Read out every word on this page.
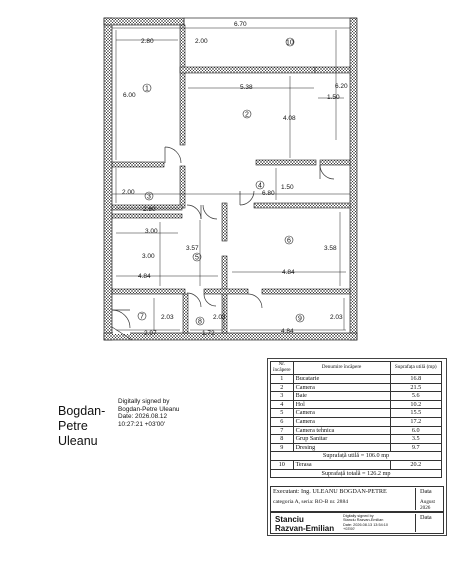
2.80	2.00
6.70
6.00
5.38	6.20
1.50
4.08
2.00	6.80
1.50
2.80
3.00
3.00
3.57	3.58
4.84
4.84
2.03	2.03	2.03
2.97	1.72	4.84
1
2
3
4
5
6
7
8	9
10
Bogdan-
Petre Uleanu
Digitally signed by
Bogdan-Petre Uleanu
Date: 2026.08.12
10:27:21 +03'00'
Nr. încăpere	Denumire încăpere	Suprafața utilă (mp)
1	Bucatarie	16.8
2	Camera	21.5
3	Baie	5.6
4	Hol	10.2
5	Camera	15.5
6	Camera	17.2
7	Camera tehnica	6.0
8	Grup Sanitar	3.5
9	Dresing	9.7
Suprafață utilă = 106.0 mp		
10	Terasa	20.2
Suprafață totală = 126.2 mp		
Executant: Ing. ULEANU BOGDAN-PETRE
categoria A, seria: RO-B nr. 2884
Data
August 2026
Stanciu
Razvan-Emilian
Digitally signed by
Stanciu Razvan-Emilian
Date: 2026.08.13 13:54:10
+03'00'
Data
